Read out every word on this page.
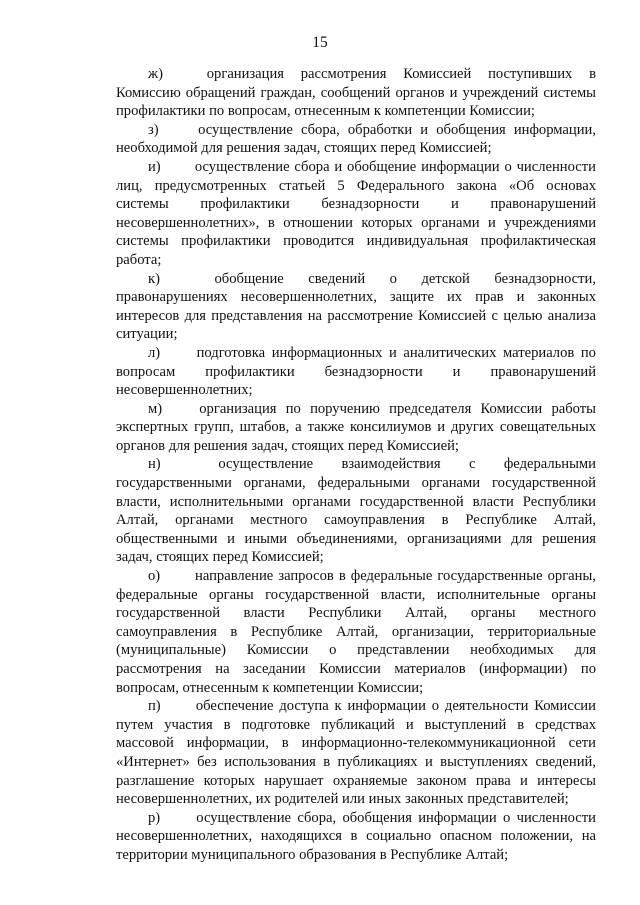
15
ж)	организация рассмотрения Комиссией поступивших в
Комиссию обращений граждан, сообщений органов и учреждений системы
профилактики по вопросам, отнесенным к компетенции Комиссии;
з)	осуществление сбора, обработки и обобщения информации,
необходимой для решения задач, стоящих перед Комиссией;
и)	осуществление сбора и обобщение информации о численности
лиц, предусмотренных статьей 5 Федерального закона «Об основах
системы профилактики безнадзорности и правонарушений
несовершеннолетних», в отношении которых органами и учреждениями
системы профилактики проводится индивидуальная профилактическая
работа;
к)	обобщение сведений о детской безнадзорности,
правонарушениях несовершеннолетних, защите их прав и законных
интересов для представления на рассмотрение Комиссией с целью анализа
ситуации;
л)	подготовка информационных и аналитических материалов по
вопросам профилактики безнадзорности и правонарушений
несовершеннолетних;
м)	организация по поручению председателя Комиссии работы
экспертных групп, штабов, а также консилиумов и других совещательных
органов для решения задач, стоящих перед Комиссией;
н)	осуществление взаимодействия с федеральными
государственными органами, федеральными органами государственной
власти, исполнительными органами государственной власти Республики
Алтай, органами местного самоуправления в Республике Алтай,
общественными и иными объединениями, организациями для решения
задач, стоящих перед Комиссией;
о)	направление запросов в федеральные государственные органы,
федеральные органы государственной власти, исполнительные органы
государственной власти Республики Алтай, органы местного
самоуправления в Республике Алтай, организации, территориальные
(муниципальные) Комиссии о представлении необходимых для
рассмотрения на заседании Комиссии материалов (информации) по
вопросам, отнесенным к компетенции Комиссии;
п)	обеспечение доступа к информации о деятельности Комиссии
путем участия в подготовке публикаций и выступлений в средствах
массовой информации, в информационно-телекоммуникационной сети
«Интернет» без использования в публикациях и выступлениях сведений,
разглашение которых нарушает охраняемые законом права и интересы
несовершеннолетних, их родителей или иных законных представителей;
р)	осуществление сбора, обобщения информации о численности
несовершеннолетних, находящихся в социально опасном положении, на
территории муниципального образования в Республике Алтай;
